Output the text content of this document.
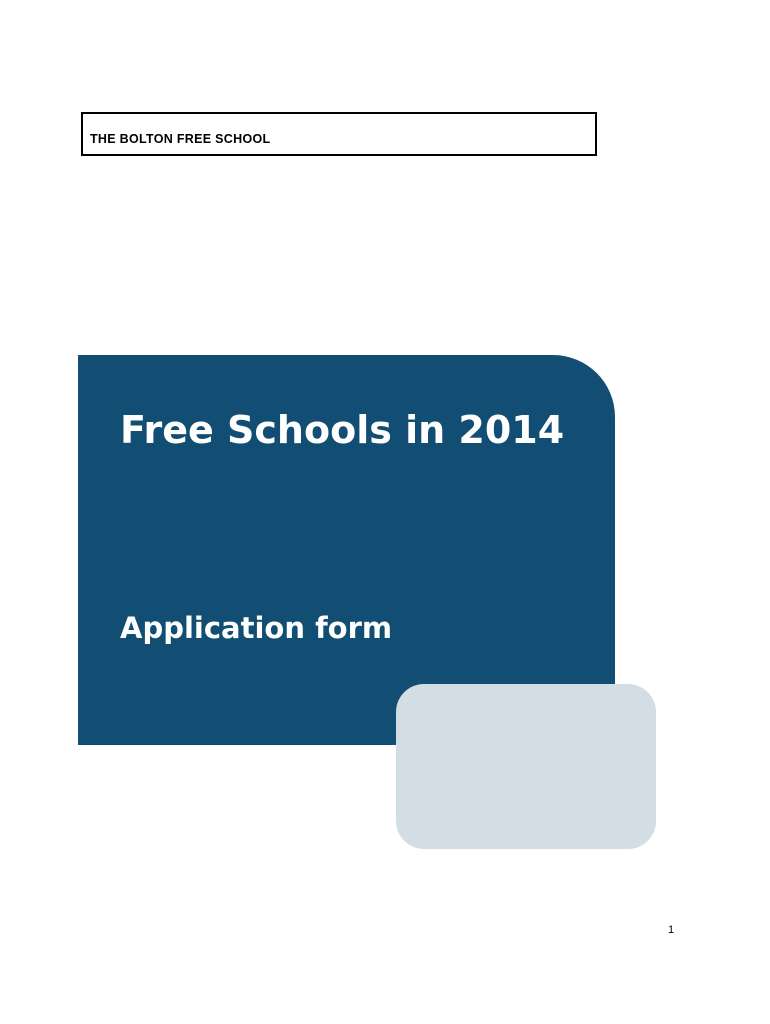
THE BOLTON FREE SCHOOL
Free Schools in 2014
Application form
1
